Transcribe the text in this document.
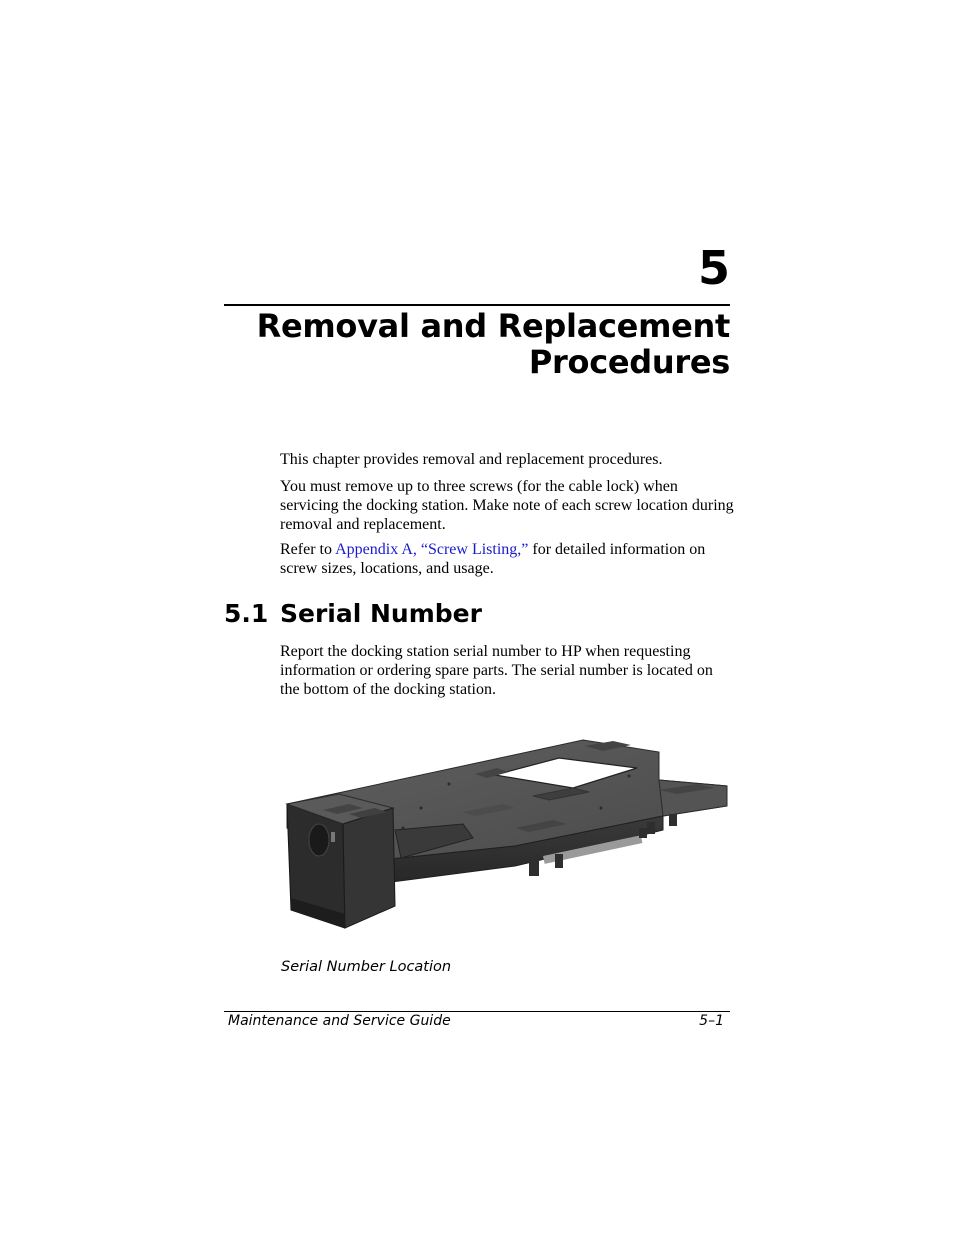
5
Removal and Replacement
Procedures

This chapter provides removal and replacement procedures.

You must remove up to three screws (for the cable lock) when servicing the docking station. Make note of each screw location during removal and replacement.

Refer to Appendix A, “Screw Listing,” for detailed information on screw sizes, locations, and usage.

5.1 Serial Number

Report the docking station serial number to HP when requesting information or ordering spare parts. The serial number is located on the bottom of the docking station.

Serial Number Location
Maintenance and Service Guide	5–1
